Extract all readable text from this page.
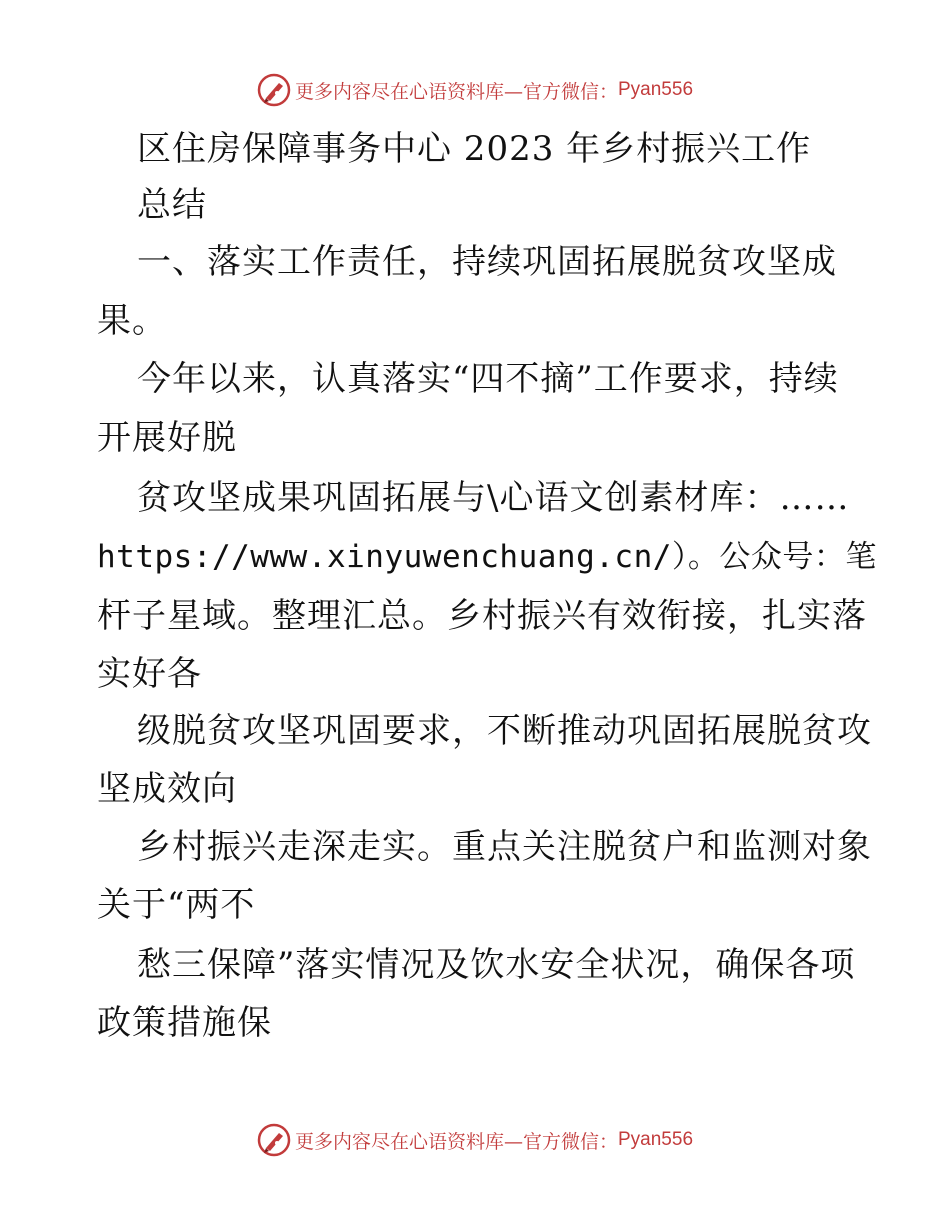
更多内容尽在心语资料库—官方微信： Pyan556
区住房保障事务中心 2023 年乡村振兴工作
总结
一、落实工作责任，持续巩固拓展脱贫攻坚成
果。
今年以来，认真落实“四不摘”工作要求，持续
开展好脱
贫攻坚成果巩固拓展与\心语文创素材库：……
https://www.xinyuwenchuang.cn/）。公众号：笔
杆子星域。整理汇总。乡村振兴有效衔接，扎实落
实好各
级脱贫攻坚巩固要求，不断推动巩固拓展脱贫攻
坚成效向
乡村振兴走深走实。重点关注脱贫户和监测对象
关于“两不
愁三保障”落实情况及饮水安全状况，确保各项
政策措施保
更多内容尽在心语资料库—官方微信： Pyan556
